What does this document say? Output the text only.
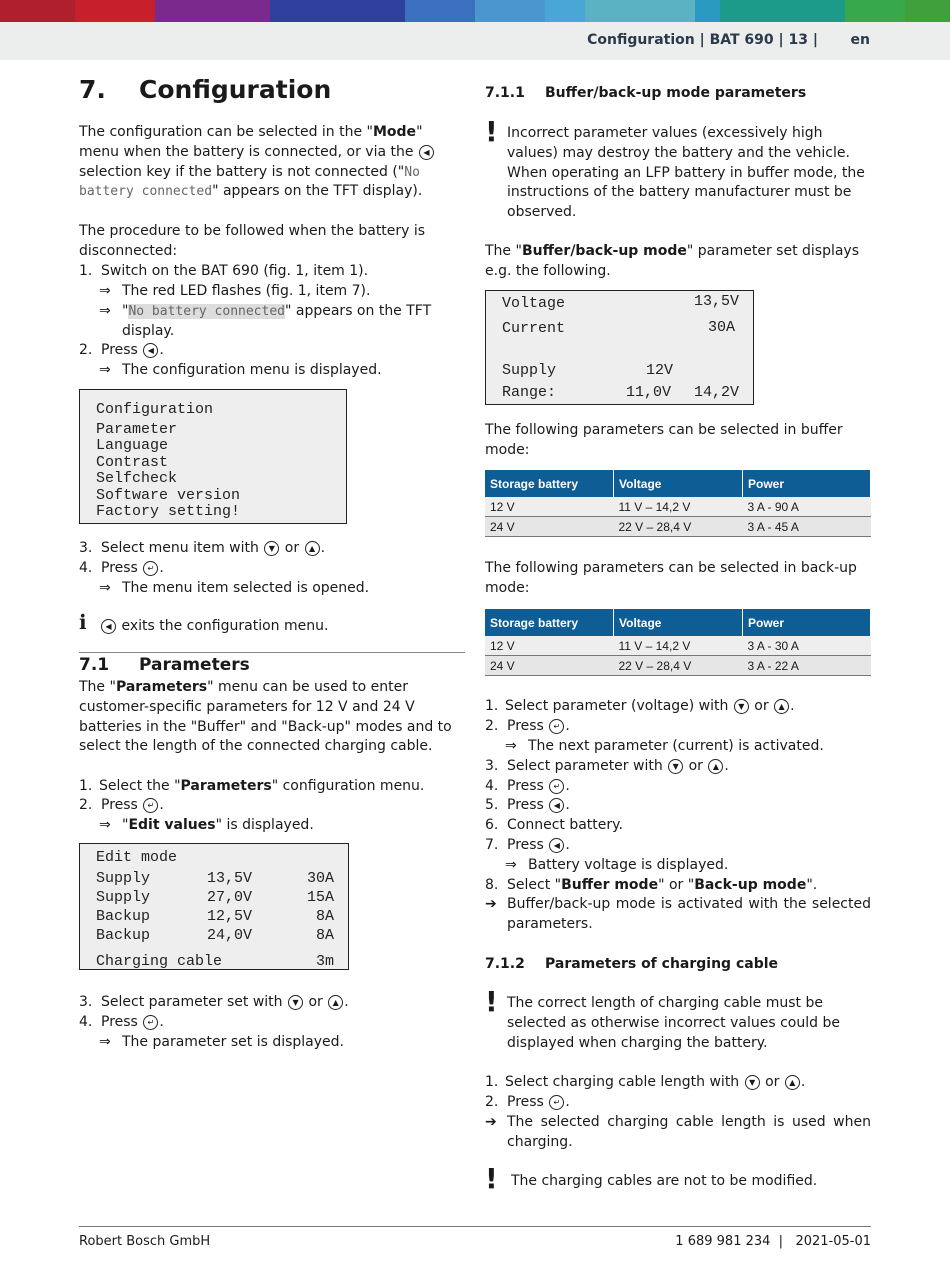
Configuration | BAT 690 | 13 | en
7. Configuration

The configuration can be selected in the "Mode" menu when the battery is connected, or via the ◀ selection key if the battery is not connected ("No battery connected" appears on the TFT display).

The procedure to be followed when the battery is disconnected:

1. Switch on the BAT 690 (fig. 1, item 1).

⇒ The red LED flashes (fig. 1, item 7).

⇒ "No battery connected" appears on the TFT display.

2. Press ◀ .

⇒ The configuration menu is displayed.

Configuration
Parameter
Language
Contrast
Selfcheck
Software version
Factory setting!

3. Select menu item with ▼ or ▲ .

4. Press ↵ .

⇒ The menu item selected is opened.

ℹ	◀ exits the configuration menu.

7.1 Parameters

The "Parameters" menu can be used to enter customer-specific parameters for 12 V and 24 V batteries in the "Buffer" and "Back-up" modes and to select the length of the connected charging cable.

1. Select the "Parameters" configuration menu.

2. Press ↵ .

⇒ "Edit values" is displayed.

Edit mode
Supply	13,5V	30A
Supply	27,0V	15A
Backup	12,5V	8A
Backup	24,0V	8A
Charging cable	3m

3. Select parameter set with ▼ or ▲ .

4. Press ↵ .

⇒ The parameter set is displayed.

7.1.1 Buffer/back-up mode parameters
! Incorrect parameter values (excessively high values) may destroy the battery and the vehicle. When operating an LFP battery in buffer mode, the instructions of the battery manufacturer must be observed.

The "Buffer/back-up mode" parameter set displays e.g. the following.

Voltage	13,5V
Current	30A
Supply	12V
Range:	11,0V 14,2V

The following parameters can be selected in buffer mode:

Storage battery	Voltage	Power
12 V	11 V – 14,2 V	3 A - 90 A
24 V	22 V – 28,4 V	3 A - 45 A

The following parameters can be selected in back-up mode:

Storage battery	Voltage	Power
12 V	11 V – 14,2 V	3 A - 30 A
24 V	22 V – 28,4 V	3 A - 22 A

1. Select parameter (voltage) with ▼ or ▲ .

2. Press ↵ .

⇒ The next parameter (current) is activated.

3. Select parameter with ▼ or ▲ .

4. Press ↵ .

5. Press ◀ .

6. Connect battery.

7. Press ◀ .

⇒ Battery voltage is displayed.

8. Select "Buffer mode" or "Back-up mode".

➔ Buffer/back-up mode is activated with the selected parameters.

7.1.2 Parameters of charging cable
! The correct length of charging cable must be selected as otherwise incorrect values could be displayed when charging the battery.

1. Select charging cable length with ▼ or ▲ .

2. Press ↵ .

➔ The selected charging cable length is used when charging.

! The charging cables are not to be modified.

Robert Bosch GmbH	1 689 981 234  |   2021-05-01
